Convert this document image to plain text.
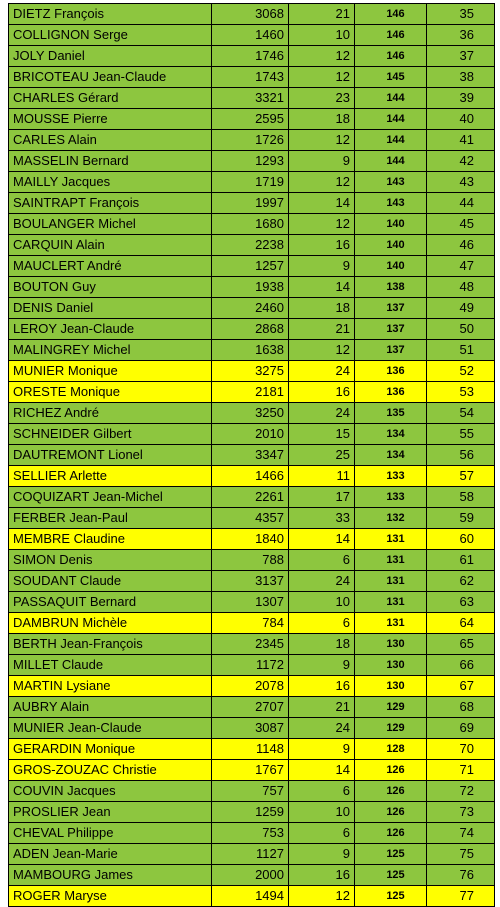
DIETZ François	3068	21	146	35
COLLIGNON Serge	1460	10	146	36
JOLY Daniel	1746	12	146	37
BRICOTEAU Jean-Claude	1743	12	145	38
CHARLES Gérard	3321	23	144	39
MOUSSE Pierre	2595	18	144	40
CARLES Alain	1726	12	144	41
MASSELIN Bernard	1293	9	144	42
MAILLY Jacques	1719	12	143	43
SAINTRAPT François	1997	14	143	44
BOULANGER Michel	1680	12	140	45
CARQUIN Alain	2238	16	140	46
MAUCLERT André	1257	9	140	47
BOUTON Guy	1938	14	138	48
DENIS Daniel	2460	18	137	49
LEROY Jean-Claude	2868	21	137	50
MALINGREY Michel	1638	12	137	51
MUNIER Monique	3275	24	136	52
ORESTE Monique	2181	16	136	53
RICHEZ André	3250	24	135	54
SCHNEIDER Gilbert	2010	15	134	55
DAUTREMONT Lionel	3347	25	134	56
SELLIER Arlette	1466	11	133	57
COQUIZART Jean-Michel	2261	17	133	58
FERBER Jean-Paul	4357	33	132	59
MEMBRE Claudine	1840	14	131	60
SIMON Denis	788	6	131	61
SOUDANT Claude	3137	24	131	62
PASSAQUIT Bernard	1307	10	131	63
DAMBRUN Michèle	784	6	131	64
BERTH Jean-François	2345	18	130	65
MILLET Claude	1172	9	130	66
MARTIN Lysiane	2078	16	130	67
AUBRY Alain	2707	21	129	68
MUNIER Jean-Claude	3087	24	129	69
GERARDIN Monique	1148	9	128	70
GROS-ZOUZAC Christie	1767	14	126	71
COUVIN Jacques	757	6	126	72
PROSLIER Jean	1259	10	126	73
CHEVAL Philippe	753	6	126	74
ADEN Jean-Marie	1127	9	125	75
MAMBOURG James	2000	16	125	76
ROGER Maryse	1494	12	125	77
